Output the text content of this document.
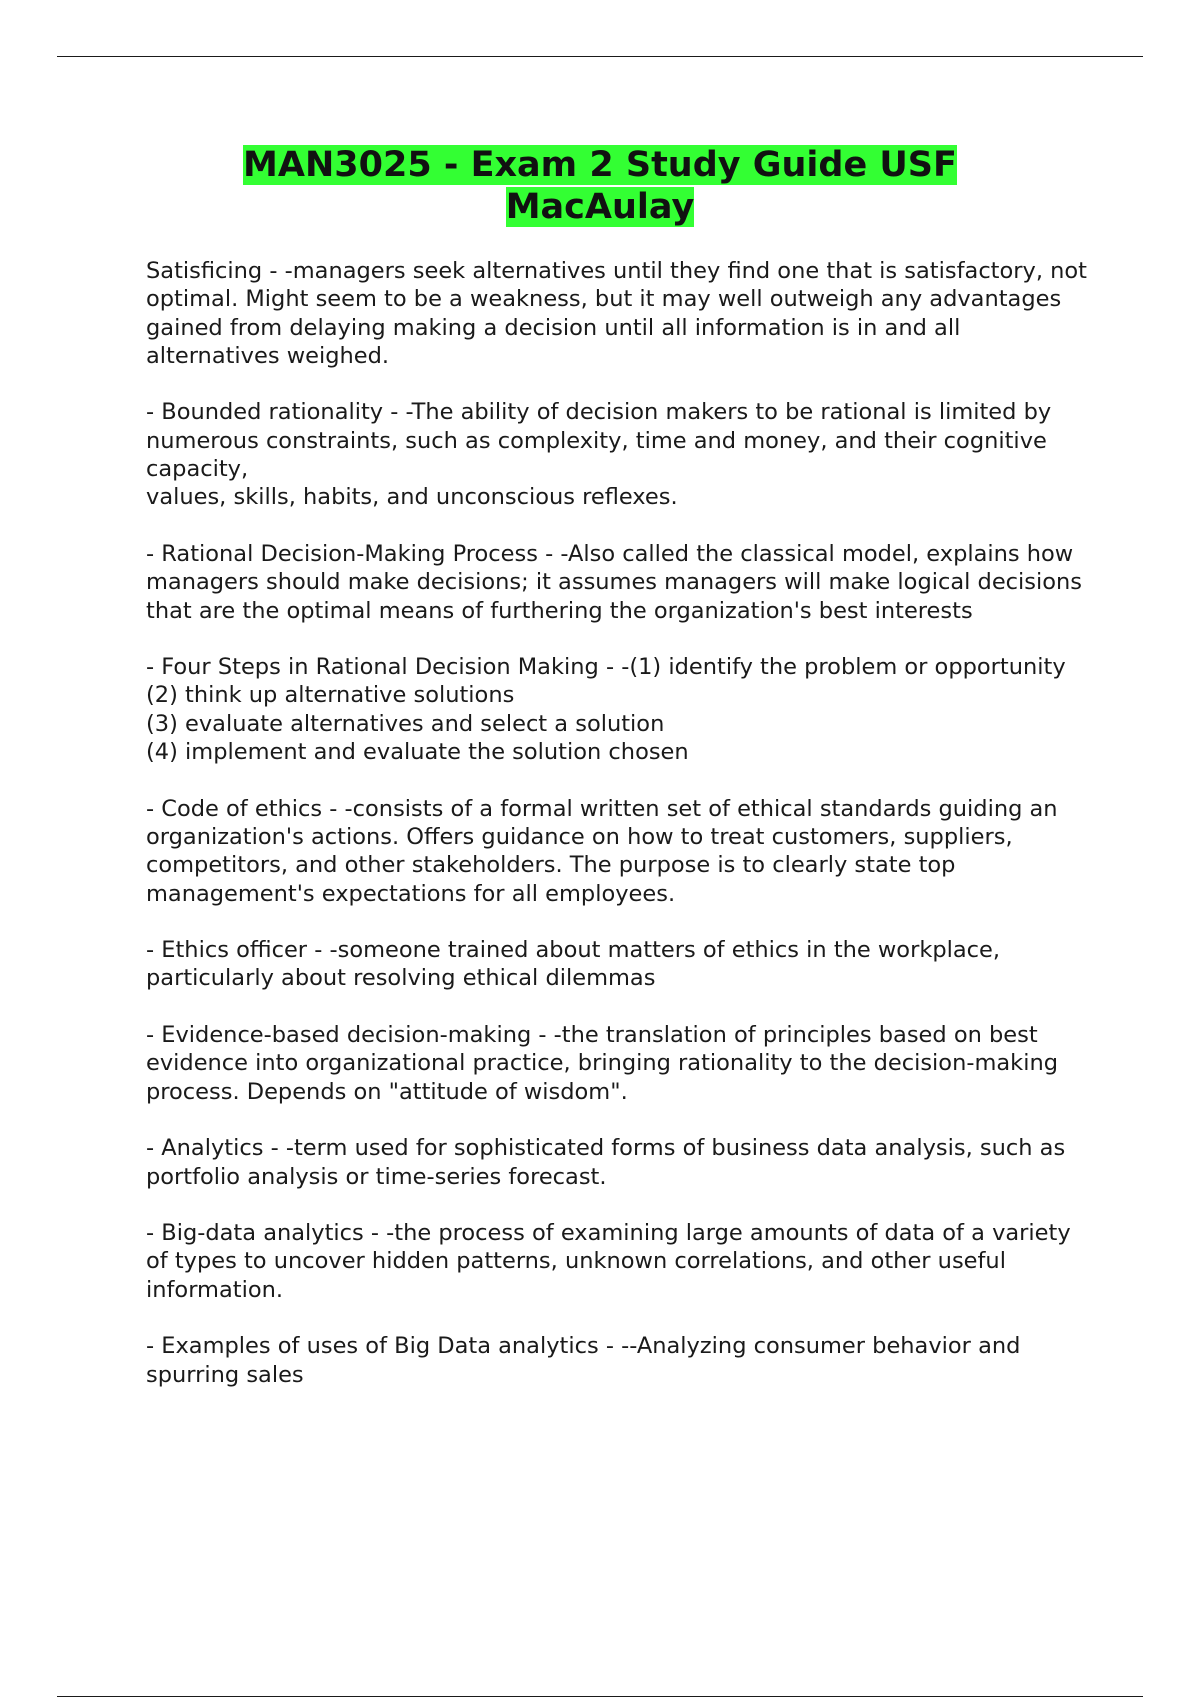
MAN3025 - Exam 2 Study Guide USF
MacAulay

Satisficing - -managers seek alternatives until they find one that is satisfactory, not optimal. Might seem to be a weakness, but it may well outweigh any advantages gained from delaying making a decision until all information is in and all alternatives weighed.

- Bounded rationality - -The ability of decision makers to be rational is limited by numerous constraints, such as complexity, time and money, and their cognitive capacity,
values, skills, habits, and unconscious reflexes.

- Rational Decision-Making Process - -Also called the classical model, explains how managers should make decisions; it assumes managers will make logical decisions that are the optimal means of furthering the organization's best interests

- Four Steps in Rational Decision Making - -(1) identify the problem or opportunity
(2) think up alternative solutions
(3) evaluate alternatives and select a solution
(4) implement and evaluate the solution chosen

- Code of ethics - -consists of a formal written set of ethical standards guiding an organization's actions. Offers guidance on how to treat customers, suppliers, competitors, and other stakeholders. The purpose is to clearly state top management's expectations for all employees.

- Ethics officer - -someone trained about matters of ethics in the workplace, particularly about resolving ethical dilemmas

- Evidence-based decision-making - -the translation of principles based on best evidence into organizational practice, bringing rationality to the decision-making process. Depends on "attitude of wisdom".

- Analytics - -term used for sophisticated forms of business data analysis, such as portfolio analysis or time-series forecast.

- Big-data analytics - -the process of examining large amounts of data of a variety of types to uncover hidden patterns, unknown correlations, and other useful information.

- Examples of uses of Big Data analytics - --Analyzing consumer behavior and spurring sales
